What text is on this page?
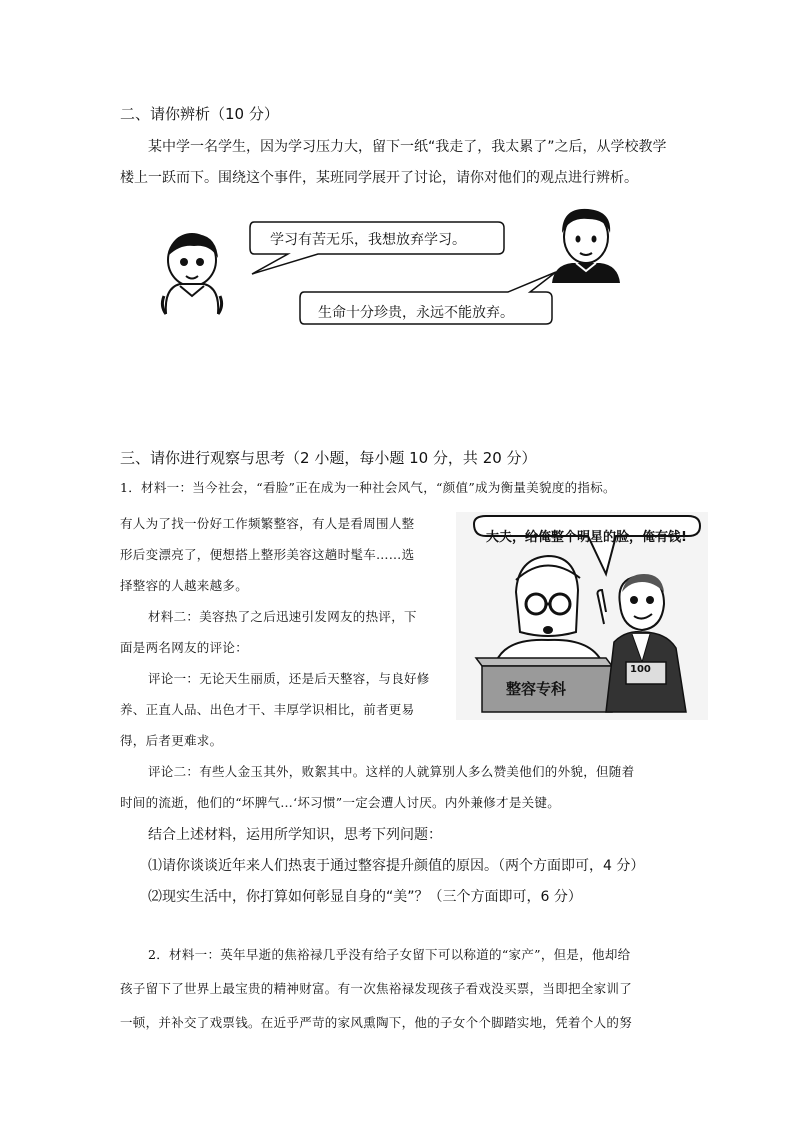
二、请你辨析（10 分）
某中学一名学生，因为学习压力大，留下一纸“我走了，我太累了”之后，从学校教学
楼上一跃而下。围绕这个事件，某班同学展开了讨论，请你对他们的观点进行辨析。
学习有苦无乐，我想放弃学习。
生命十分珍贵，永远不能放弃。
三、请你进行观察与思考（2 小题，每小题 10 分，共 20 分）
1．材料一：当今社会，“看脸”正在成为一种社会风气，“颜值”成为衡量美貌度的指标。
有人为了找一份好工作频繁整容，有人是看周围人整
形后变漂亮了，便想搭上整形美容这趟时髦车……选
择整容的人越来越多。
材料二：美容热了之后迅速引发网友的热评，下
面是两名网友的评论：
评论一：无论天生丽质，还是后天整容，与良好修
养、正直人品、出色才干、丰厚学识相比，前者更易
得，后者更难求。
大夫，给俺整个明星的脸，俺有钱!
整容专科
100
评论二：有些人金玉其外，败絮其中。这样的人就算别人多么赞美他们的外貌，但随着
时间的流逝，他们的“坏脾气…‘坏习惯”一定会遭人讨厌。内外兼修才是关键。
结合上述材料，运用所学知识，思考下列问题：
⑴请你谈谈近年来人们热衷于通过整容提升颜值的原因。（两个方面即可，4 分）
⑵现实生活中，你打算如何彰显自身的“美”？（三个方面即可，6 分）
2．材料一：英年早逝的焦裕禄几乎没有给子女留下可以称道的“家产”，但是，他却给
孩子留下了世界上最宝贵的精神财富。有一次焦裕禄发现孩子看戏没买票，当即把全家训了
一顿，并补交了戏票钱。在近乎严苛的家风熏陶下，他的子女个个脚踏实地，凭着个人的努
